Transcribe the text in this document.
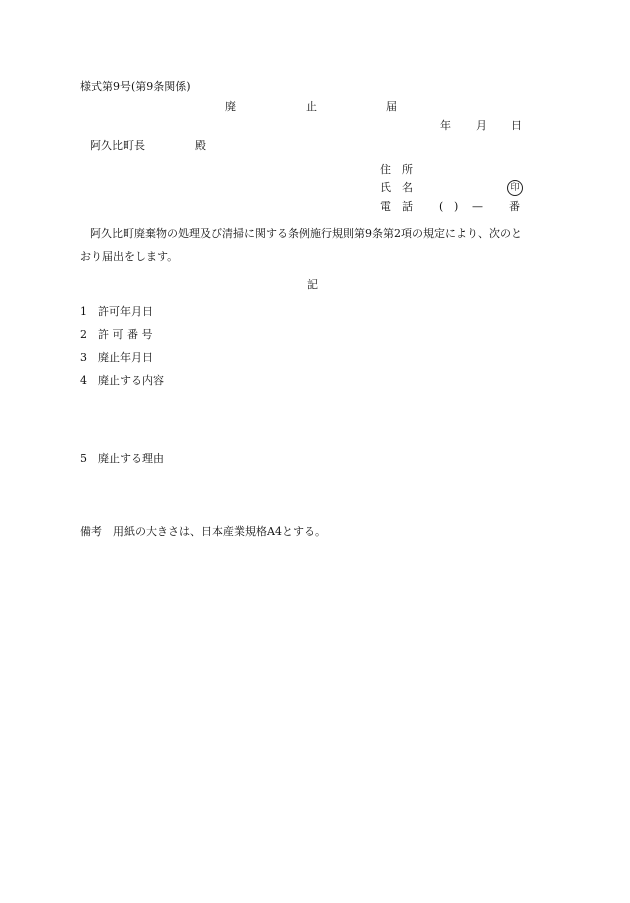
様式第9号(第9条関係)
廃	止	届
年 月 日
阿久比町長	殿
住　所
氏　名	印
電　話 ( ) — 番
阿久比町廃棄物の処理及び清掃に関する条例施行規則第9条第2項の規定により、次のと
おり届出をします。
記
1 許可年月日
2 許 可 番 号
3 廃止年月日
4 廃止する内容
5 廃止する理由
備考　用紙の大きさは、日本産業規格A4とする。
